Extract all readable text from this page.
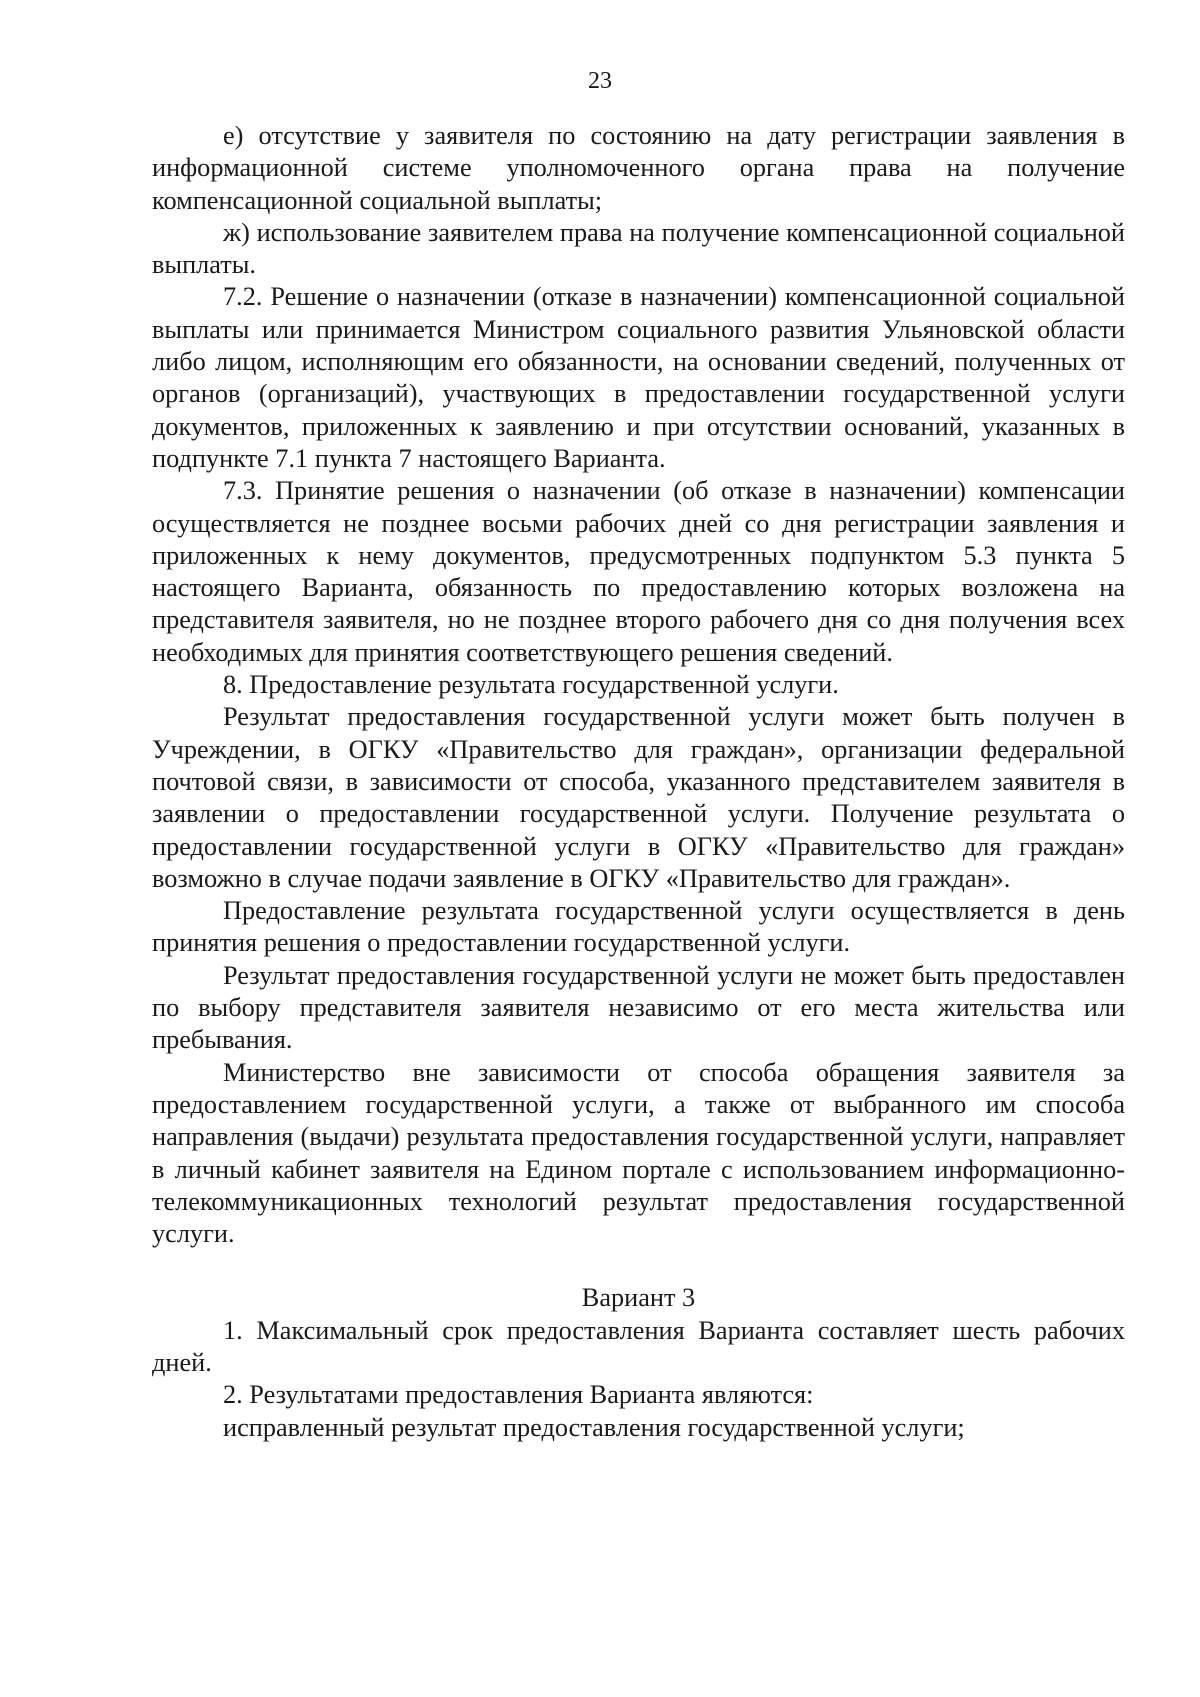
23

е) отсутствие у заявителя по состоянию на дату регистрации заявления в информационной системе уполномоченного органа права на получение компенсационной социальной выплаты;

ж) использование заявителем права на получение компенсационной социальной выплаты.

7.2. Решение о назначении (отказе в назначении) компенсационной социальной выплаты или принимается Министром социального развития Ульяновской области либо лицом, исполняющим его обязанности, на основании сведений, полученных от органов (организаций), участвующих в предоставлении государственной услуги документов, приложенных к заявлению и при отсутствии оснований, указанных в подпункте 7.1 пункта 7 настоящего Варианта.

7.3. Принятие решения о назначении (об отказе в назначении) компенсации осуществляется не позднее восьми рабочих дней со дня регистрации заявления и приложенных к нему документов, предусмотренных подпунктом 5.3 пункта 5 настоящего Варианта, обязанность по предоставлению которых возложена на представителя заявителя, но не позднее второго рабочего дня со дня получения всех необходимых для принятия соответствующего решения сведений.

8. Предоставление результата государственной услуги.

Результат предоставления государственной услуги может быть получен в Учреждении, в ОГКУ «Правительство для граждан», организации федеральной почтовой связи, в зависимости от способа, указанного представителем заявителя в заявлении о предоставлении государственной услуги. Получение результата о предоставлении государственной услуги в ОГКУ «Правительство для граждан» возможно в случае подачи заявление в ОГКУ «Правительство для граждан».

Предоставление результата государственной услуги осуществляется в день принятия решения о предоставлении государственной услуги.

Результат предоставления государственной услуги не может быть предоставлен по выбору представителя заявителя независимо от его места жительства или пребывания.

Министерство вне зависимости от способа обращения заявителя за предоставлением государственной услуги, а также от выбранного им способа направления (выдачи) результата предоставления государственной услуги, направляет в личный кабинет заявителя на Едином портале с использованием информационно-телекоммуникационных технологий результат предоставления государственной услуги.

Вариант 3

1. Максимальный срок предоставления Варианта составляет шесть рабочих дней.

2. Результатами предоставления Варианта являются:

исправленный результат предоставления государственной услуги;
